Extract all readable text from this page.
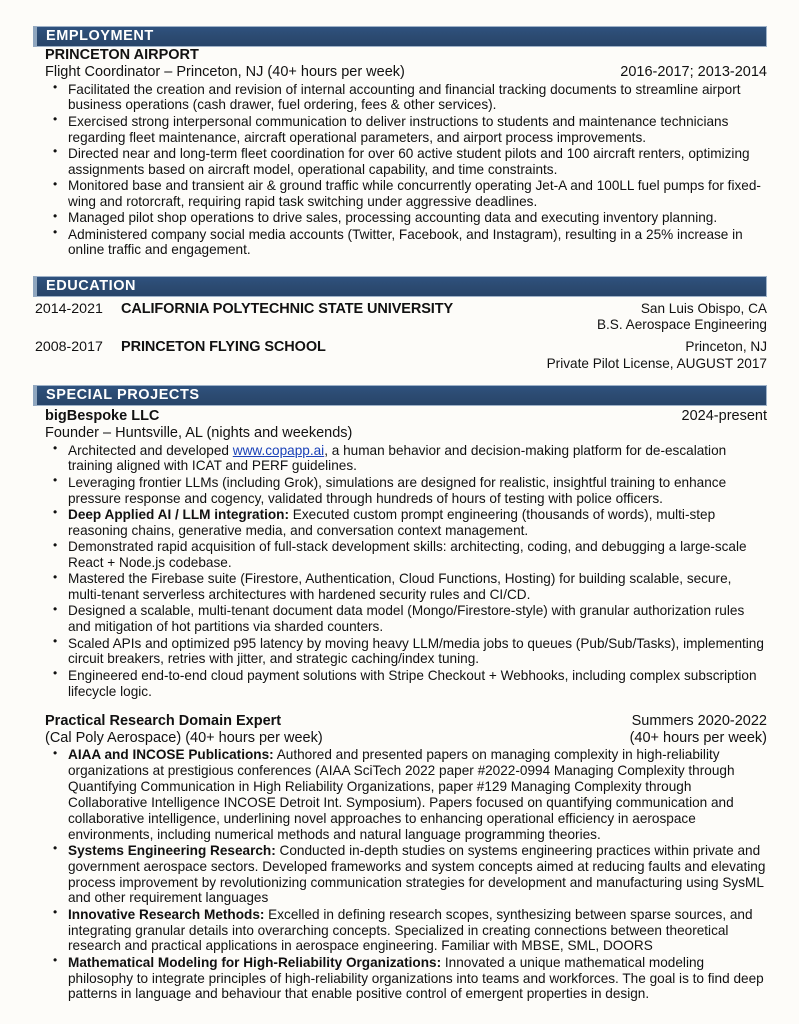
EMPLOYMENT
PRINCETON AIRPORT
Flight Coordinator – Princeton, NJ (40+ hours per week)	2016-2017; 2013-2014
• Facilitated the creation and revision of internal accounting and financial tracking documents to streamline airport business operations (cash drawer, fuel ordering, fees & other services).
• Exercised strong interpersonal communication to deliver instructions to students and maintenance technicians regarding fleet maintenance, aircraft operational parameters, and airport process improvements.
• Directed near and long-term fleet coordination for over 60 active student pilots and 100 aircraft renters, optimizing assignments based on aircraft model, operational capability, and time constraints.
• Monitored base and transient air & ground traffic while concurrently operating Jet-A and 100LL fuel pumps for fixed-wing and rotorcraft, requiring rapid task switching under aggressive deadlines.
• Managed pilot shop operations to drive sales, processing accounting data and executing inventory planning.
• Administered company social media accounts (Twitter, Facebook, and Instagram), resulting in a 25% increase in online traffic and engagement.
EDUCATION
2014-2021	CALIFORNIA POLYTECHNIC STATE UNIVERSITY	San Luis Obispo, CA
B.S. Aerospace Engineering
2008-2017	PRINCETON FLYING SCHOOL	Princeton, NJ
Private Pilot License, AUGUST 2017
SPECIAL PROJECTS
bigBespoke LLC	2024-present
Founder – Huntsville, AL (nights and weekends)
• Architected and developed www.copapp.ai, a human behavior and decision-making platform for de-escalation training aligned with ICAT and PERF guidelines.
• Leveraging frontier LLMs (including Grok), simulations are designed for realistic, insightful training to enhance pressure response and cogency, validated through hundreds of hours of testing with police officers.
• Deep Applied AI / LLM integration: Executed custom prompt engineering (thousands of words), multi-step reasoning chains, generative media, and conversation context management.
• Demonstrated rapid acquisition of full-stack development skills: architecting, coding, and debugging a large-scale React + Node.js codebase.
• Mastered the Firebase suite (Firestore, Authentication, Cloud Functions, Hosting) for building scalable, secure, multi-tenant serverless architectures with hardened security rules and CI/CD.
• Designed a scalable, multi-tenant document data model (Mongo/Firestore-style) with granular authorization rules and mitigation of hot partitions via sharded counters.
• Scaled APIs and optimized p95 latency by moving heavy LLM/media jobs to queues (Pub/Sub/Tasks), implementing circuit breakers, retries with jitter, and strategic caching/index tuning.
• Engineered end-to-end cloud payment solutions with Stripe Checkout + Webhooks, including complex subscription lifecycle logic.
Practical Research Domain Expert	Summers 2020-2022
(Cal Poly Aerospace) (40+ hours per week)	(40+ hours per week)
• AIAA and INCOSE Publications: Authored and presented papers on managing complexity in high-reliability organizations at prestigious conferences (AIAA SciTech 2022 paper #2022-0994 Managing Complexity through Quantifying Communication in High Reliability Organizations, paper #129 Managing Complexity through Collaborative Intelligence INCOSE Detroit Int. Symposium). Papers focused on quantifying communication and collaborative intelligence, underlining novel approaches to enhancing operational efficiency in aerospace environments, including numerical methods and natural language programming theories.
• Systems Engineering Research: Conducted in-depth studies on systems engineering practices within private and government aerospace sectors. Developed frameworks and system concepts aimed at reducing faults and elevating process improvement by revolutionizing communication strategies for development and manufacturing using SysML and other requirement languages
• Innovative Research Methods: Excelled in defining research scopes, synthesizing between sparse sources, and integrating granular details into overarching concepts. Specialized in creating connections between theoretical research and practical applications in aerospace engineering. Familiar with MBSE, SML, DOORS
• Mathematical Modeling for High-Reliability Organizations: Innovated a unique mathematical modeling philosophy to integrate principles of high-reliability organizations into teams and workforces. The goal is to find deep patterns in language and behaviour that enable positive control of emergent properties in design.
